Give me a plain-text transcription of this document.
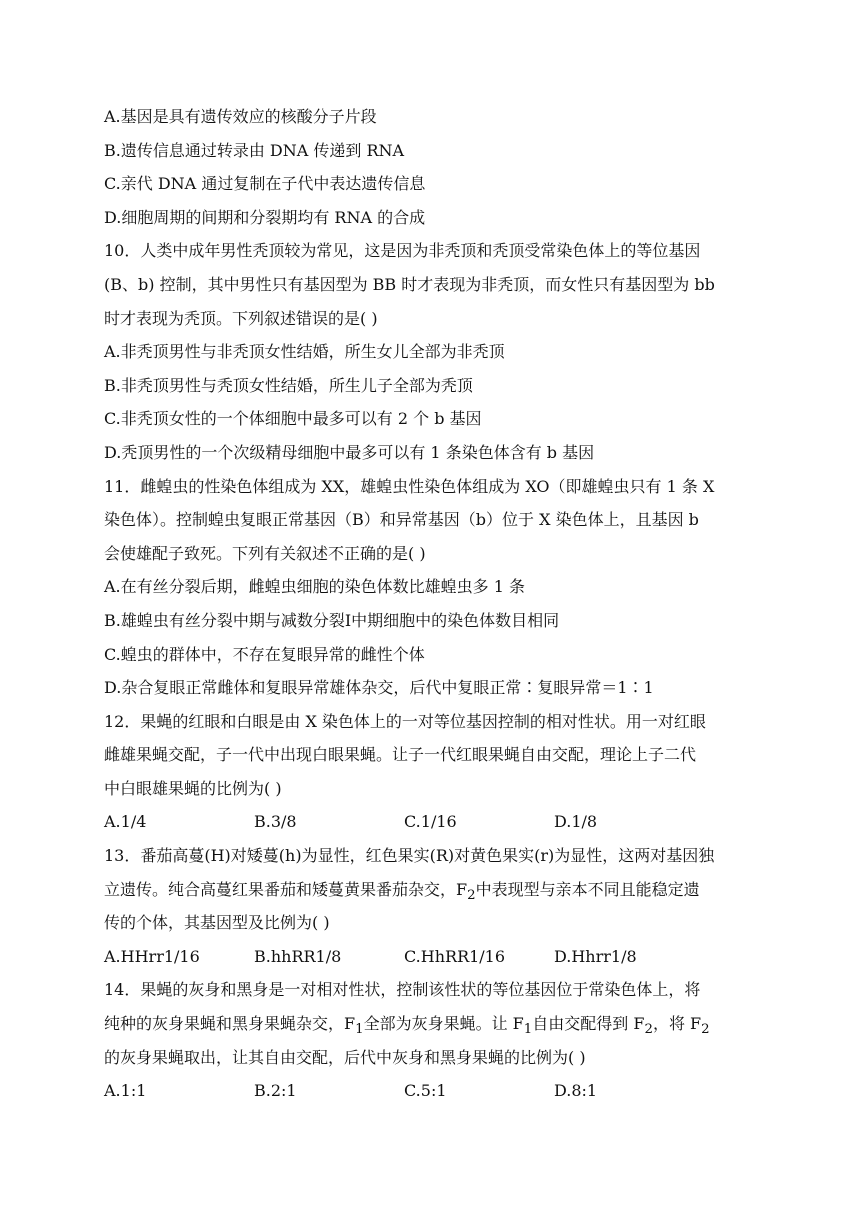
A.基因是具有遗传效应的核酸分子片段
B.遗传信息通过转录由 DNA 传递到 RNA
C.亲代 DNA 通过复制在子代中表达遗传信息
D.细胞周期的间期和分裂期均有 RNA 的合成
10．人类中成年男性秃顶较为常见，这是因为非秃顶和秃顶受常染色体上的等位基因
(B、b) 控制，其中男性只有基因型为 BB 时才表现为非秃顶，而女性只有基因型为 bb
时才表现为秃顶。下列叙述错误的是( )
A.非秃顶男性与非秃顶女性结婚，所生女儿全部为非秃顶
B.非秃顶男性与秃顶女性结婚，所生儿子全部为秃顶
C.非秃顶女性的一个体细胞中最多可以有 2 个 b 基因
D.秃顶男性的一个次级精母细胞中最多可以有 1 条染色体含有 b 基因
11．雌蝗虫的性染色体组成为 XX，雄蝗虫性染色体组成为 XO（即雄蝗虫只有 1 条 X
染色体）。控制蝗虫复眼正常基因（B）和异常基因（b）位于 X 染色体上，且基因 b
会使雄配子致死。下列有关叙述不正确的是( )
A.在有丝分裂后期，雌蝗虫细胞的染色体数比雄蝗虫多 1 条
B.雄蝗虫有丝分裂中期与减数分裂Ⅰ中期细胞中的染色体数目相同
C.蝗虫的群体中，不存在复眼异常的雌性个体
D.杂合复眼正常雌体和复眼异常雄体杂交，后代中复眼正常∶复眼异常＝1∶1
12．果蝇的红眼和白眼是由 X 染色体上的一对等位基因控制的相对性状。用一对红眼
雌雄果蝇交配，子一代中出现白眼果蝇。让子一代红眼果蝇自由交配，理论上子二代
中白眼雄果蝇的比例为( )
A.1/4	B.3/8	C.1/16	D.1/8
13．番茄高蔓(H)对矮蔓(h)为显性，红色果实(R)对黄色果实(r)为显性，这两对基因独
立遗传。纯合高蔓红果番茄和矮蔓黄果番茄杂交，$F_2$中表现型与亲本不同且能稳定遗
传的个体，其基因型及比例为( )
A.HHrr1/16	B.hhRR1/8	C.HhRR1/16	D.Hhrr1/8
14．果蝇的灰身和黑身是一对相对性状，控制该性状的等位基因位于常染色体上，将
纯种的灰身果蝇和黑身果蝇杂交，$F_1$全部为灰身果蝇。让 $F_1$自由交配得到 $F_2$，将 $F_2$
的灰身果蝇取出，让其自由交配，后代中灰身和黑身果蝇的比例为( )
A.1:1	B.2:1	C.5:1	D.8:1
